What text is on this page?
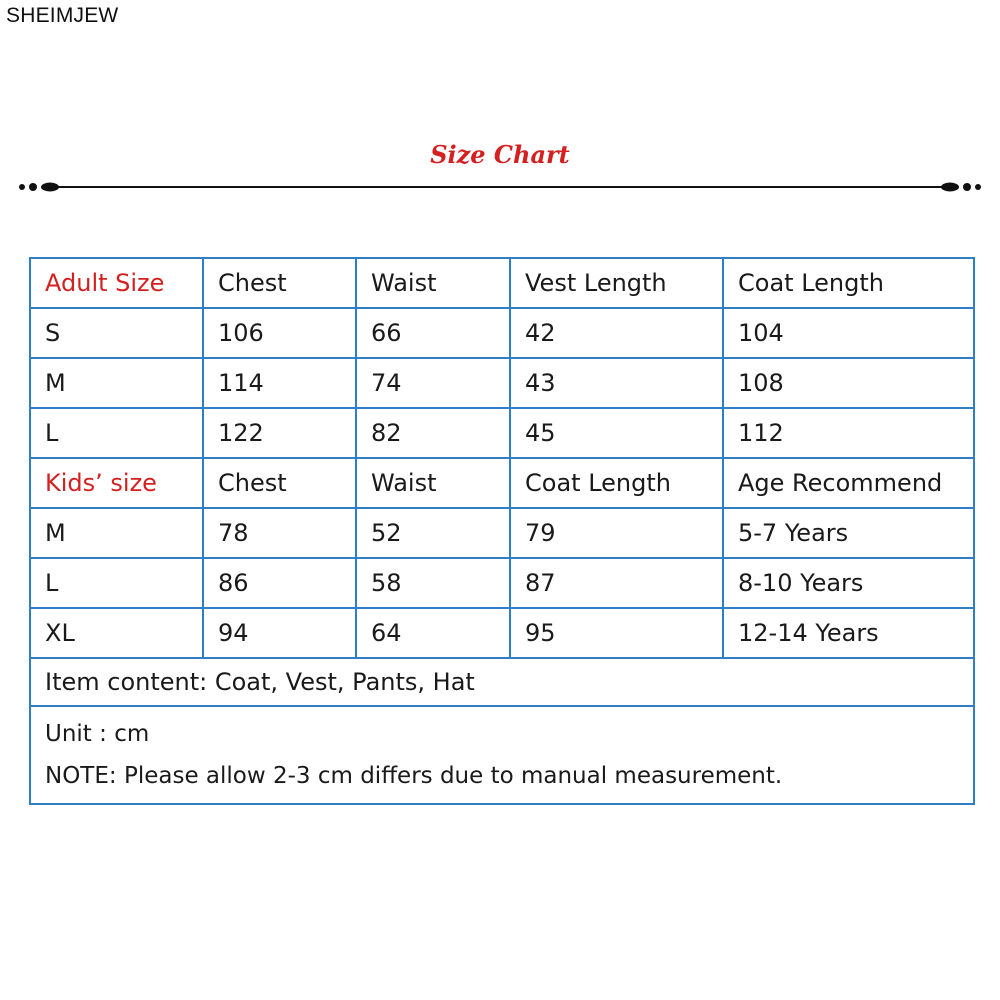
SHEIMJEW
Size Chart
Adult Size	Chest	Waist	Vest Length	Coat Length
S	106	66	42	104
M	114	74	43	108
L	122	82	45	112
Kids’ size	Chest	Waist	Coat Length	Age Recommend
M	78	52	79	5-7 Years
L	86	58	87	8-10 Years
XL	94	64	95	12-14 Years
Item content: Coat, Vest, Pants, Hat				

Unit : cm
NOTE: Please allow 2-3 cm differs due to manual measurement.				
